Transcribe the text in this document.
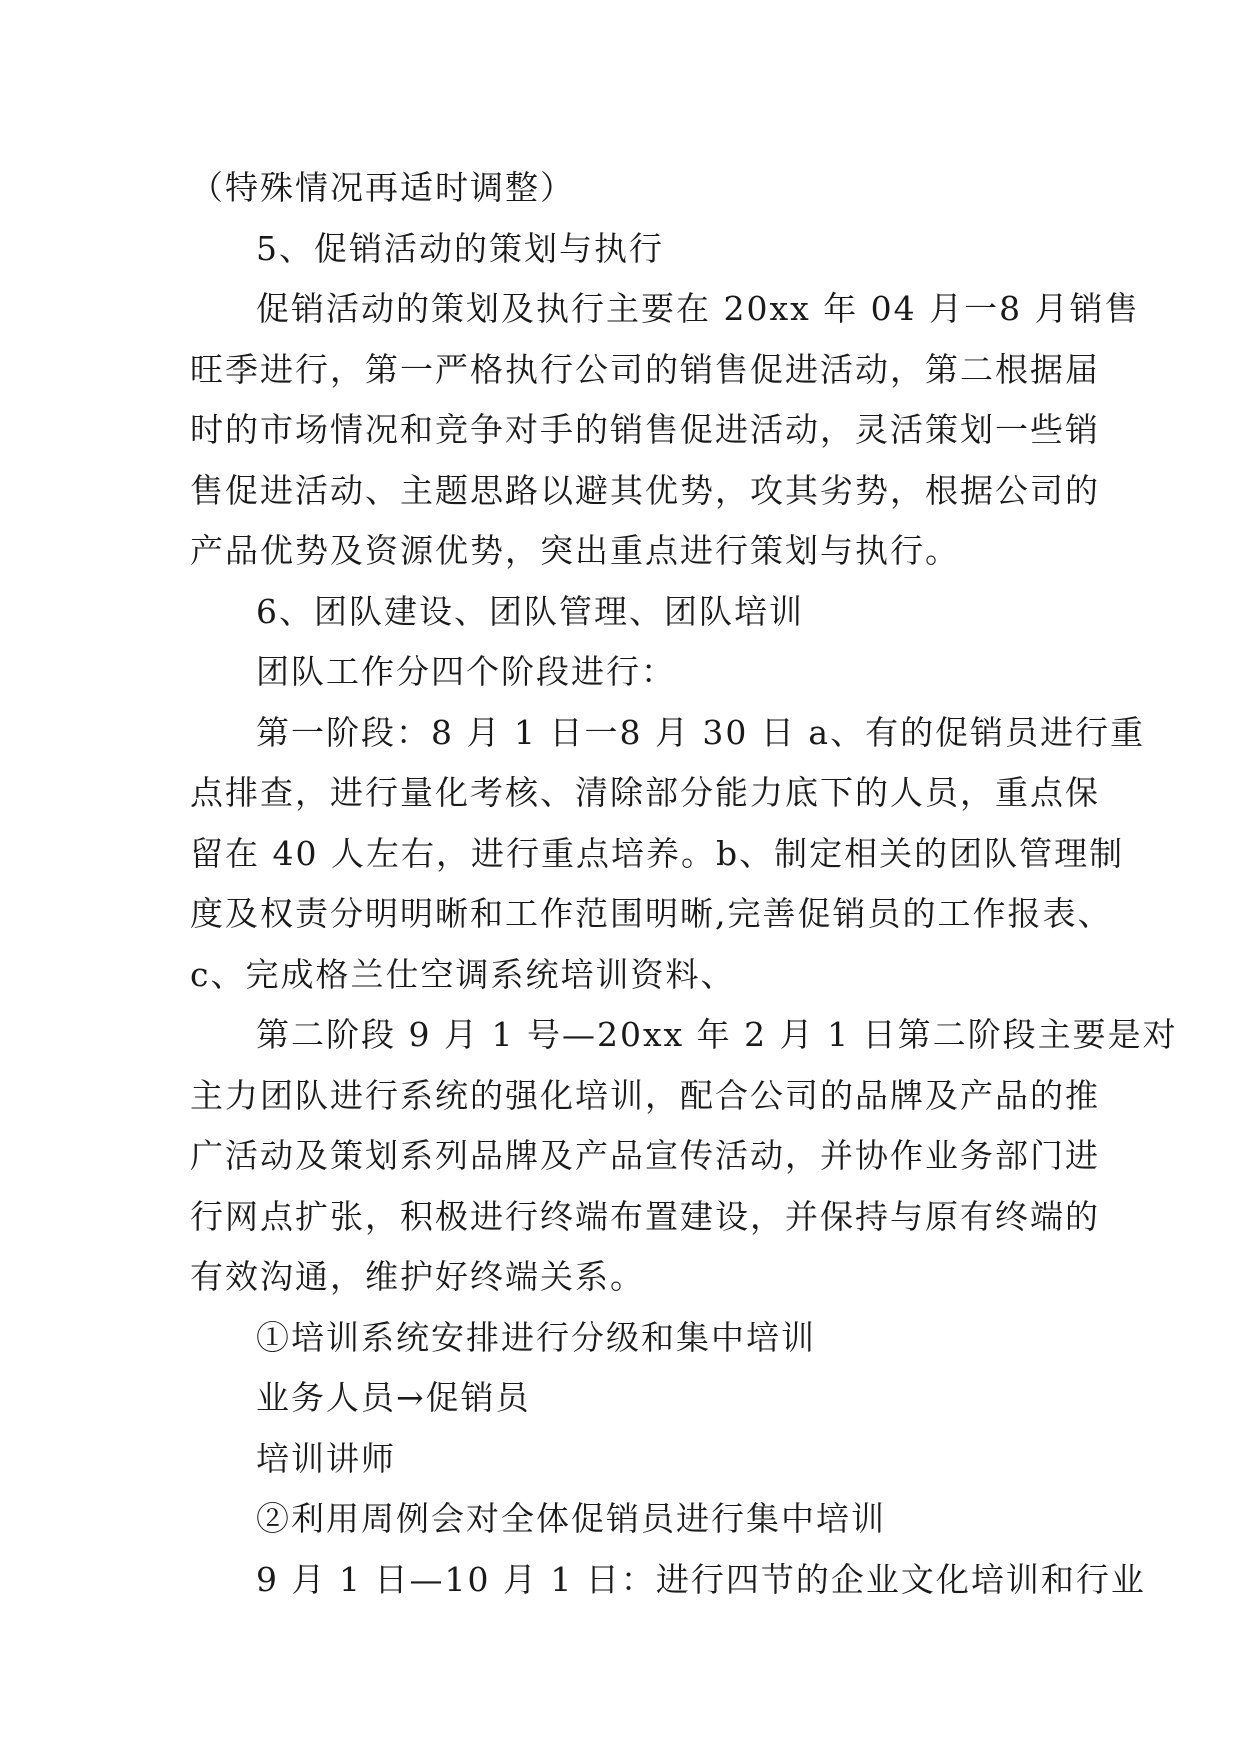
（特殊情况再适时调整）
5、促销活动的策划与执行
促销活动的策划及执行主要在 20xx 年 04 月一8 月销售
旺季进行，第一严格执行公司的销售促进活动，第二根据届
时的市场情况和竞争对手的销售促进活动，灵活策划一些销
售促进活动、主题思路以避其优势，攻其劣势，根据公司的
产品优势及资源优势，突出重点进行策划与执行。
6、团队建设、团队管理、团队培训
团队工作分四个阶段进行：
第一阶段：8 月 1 日一8 月 30 日 a、有的促销员进行重
点排查，进行量化考核、清除部分能力底下的人员，重点保
留在 40 人左右，进行重点培养。b、制定相关的团队管理制
度及权责分明明晰和工作范围明晰,完善促销员的工作报表、
c、完成格兰仕空调系统培训资料、
第二阶段 9 月 1 号—20xx 年 2 月 1 日第二阶段主要是对
主力团队进行系统的强化培训，配合公司的品牌及产品的推
广活动及策划系列品牌及产品宣传活动，并协作业务部门进
行网点扩张，积极进行终端布置建设，并保持与原有终端的
有效沟通，维护好终端关系。
①培训系统安排进行分级和集中培训
业务人员→促销员
培训讲师
②利用周例会对全体促销员进行集中培训
9 月 1 日—10 月 1 日：进行四节的企业文化培训和行业
